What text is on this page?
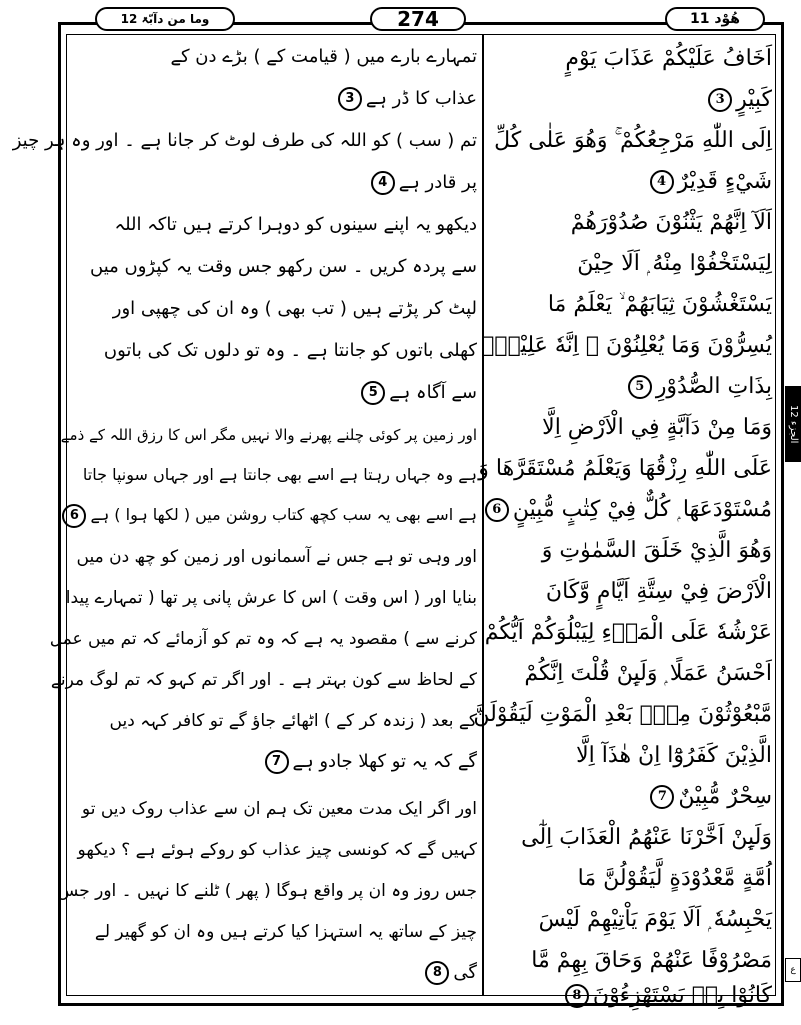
وما من دآبّۃ 12	274	هُوْد 11
اَخَافُ عَلَيْكُمْ عَذَابَ يَوْمٍ
كَبِيْرٍ3
اِلَى اللّٰهِ مَرْجِعُكُمْ ۚ وَهُوَ عَلٰى كُلِّ
شَيْءٍ قَدِيْرٌ4
اَلَآ اِنَّهُمْ يَثْنُوْنَ صُدُوْرَهُمْ
لِيَسْتَخْفُوْا مِنْهُ ۭ اَلَا حِيْنَ
يَسْتَغْشُوْنَ ثِيَابَهُمْ ۙ يَعْلَمُ مَا
يُسِرُّوْنَ وَمَا يُعْلِنُوْنَ ۚ اِنَّهٗ عَلِيْمٌۢ
بِذَاتِ الصُّدُوْرِ5
وَمَا مِنْ دَآبَّةٍ فِي الْاَرْضِ اِلَّا
عَلَى اللّٰهِ رِزْقُهَا وَيَعْلَمُ مُسْتَقَرَّهَا وَ
مُسْتَوْدَعَهَا ۭ كُلٌّ فِيْ كِتٰبٍ مُّبِيْنٍ6
وَهُوَ الَّذِيْ خَلَقَ السَّمٰوٰتِ وَ
الْاَرْضَ فِيْ سِتَّةِ اَيَّامٍ وَّكَانَ
عَرْشُهٗ عَلَى الْمَاۗءِ لِيَبْلُوَكُمْ اَيُّكُمْ
اَحْسَنُ عَمَلًا ۭ وَلَىِٕنْ قُلْتَ اِنَّكُمْ
مَّبْعُوْثُوْنَ مِنْۢ بَعْدِ الْمَوْتِ لَيَقُوْلَنَّ
الَّذِيْنَ كَفَرُوْٓا اِنْ هٰذَآ اِلَّا
سِحْرٌ مُّبِيْنٌ7
وَلَىِٕنْ اَخَّرْنَا عَنْهُمُ الْعَذَابَ اِلٰٓى
اُمَّةٍ مَّعْدُوْدَةٍ لَّيَقُوْلُنَّ مَا
يَحْبِسُهٗ ۭ اَلَا يَوْمَ يَاْتِيْهِمْ لَيْسَ
مَصْرُوْفًا عَنْهُمْ وَحَاقَ بِهِمْ مَّا
كَانُوْا بِهٖ يَسْتَهْزِءُوْنَ8
تمہارے بارے میں ( قیامت کے ) بڑے دن کے
عذاب کا ڈر ہے3
تم ( سب ) کو اللہ کی طرف لوٹ کر جانا ہے ۔ اور وہ ہر چیز
پر قادر ہے4
دیکھو یہ اپنے سینوں کو دوہرا کرتے ہیں تاکہ اللہ
سے پردہ کریں ۔ سن رکھو جس وقت یہ کپڑوں میں
لپٹ کر پڑتے ہیں ( تب بھی ) وہ ان کی چھپی اور
کھلی باتوں کو جانتا ہے ۔ وہ تو دلوں تک کی باتوں
سے آگاہ ہے5
اور زمین پر کوئی چلنے پھرنے والا نہیں مگر اس کا رزق اللہ کے ذمے
ہے وہ جہاں رہتا ہے اسے بھی جانتا ہے اور جہاں سونپا جاتا
ہے اسے بھی یہ سب کچھ کتاب روشن میں ( لکھا ہوا ) ہے6
اور وہی تو ہے جس نے آسمانوں اور زمین کو چھ دن میں
بنایا اور ( اس وقت ) اس کا عرش پانی پر تھا ( تمہارے پیدا
کرنے سے ) مقصود یہ ہے کہ وہ تم کو آزمائے کہ تم میں عمل
کے لحاظ سے کون بہتر ہے ۔ اور اگر تم کہو کہ تم لوگ مرنے
کے بعد ( زندہ کر کے ) اٹھائے جاؤ گے تو کافر کہہ دیں
گے کہ یہ تو کھلا جادو ہے7
اور اگر ایک مدت معین تک ہم ان سے عذاب روک دیں تو
کہیں گے کہ کونسی چیز عذاب کو روکے ہوئے ہے ؟ دیکھو
جس روز وہ ان پر واقع ہوگا ( پھر ) ٹلنے کا نہیں ۔ اور جس
چیز کے ساتھ یہ استہزا کیا کرتے ہیں وہ ان کو گھیر لے
گی8
الجزء 12
ع
